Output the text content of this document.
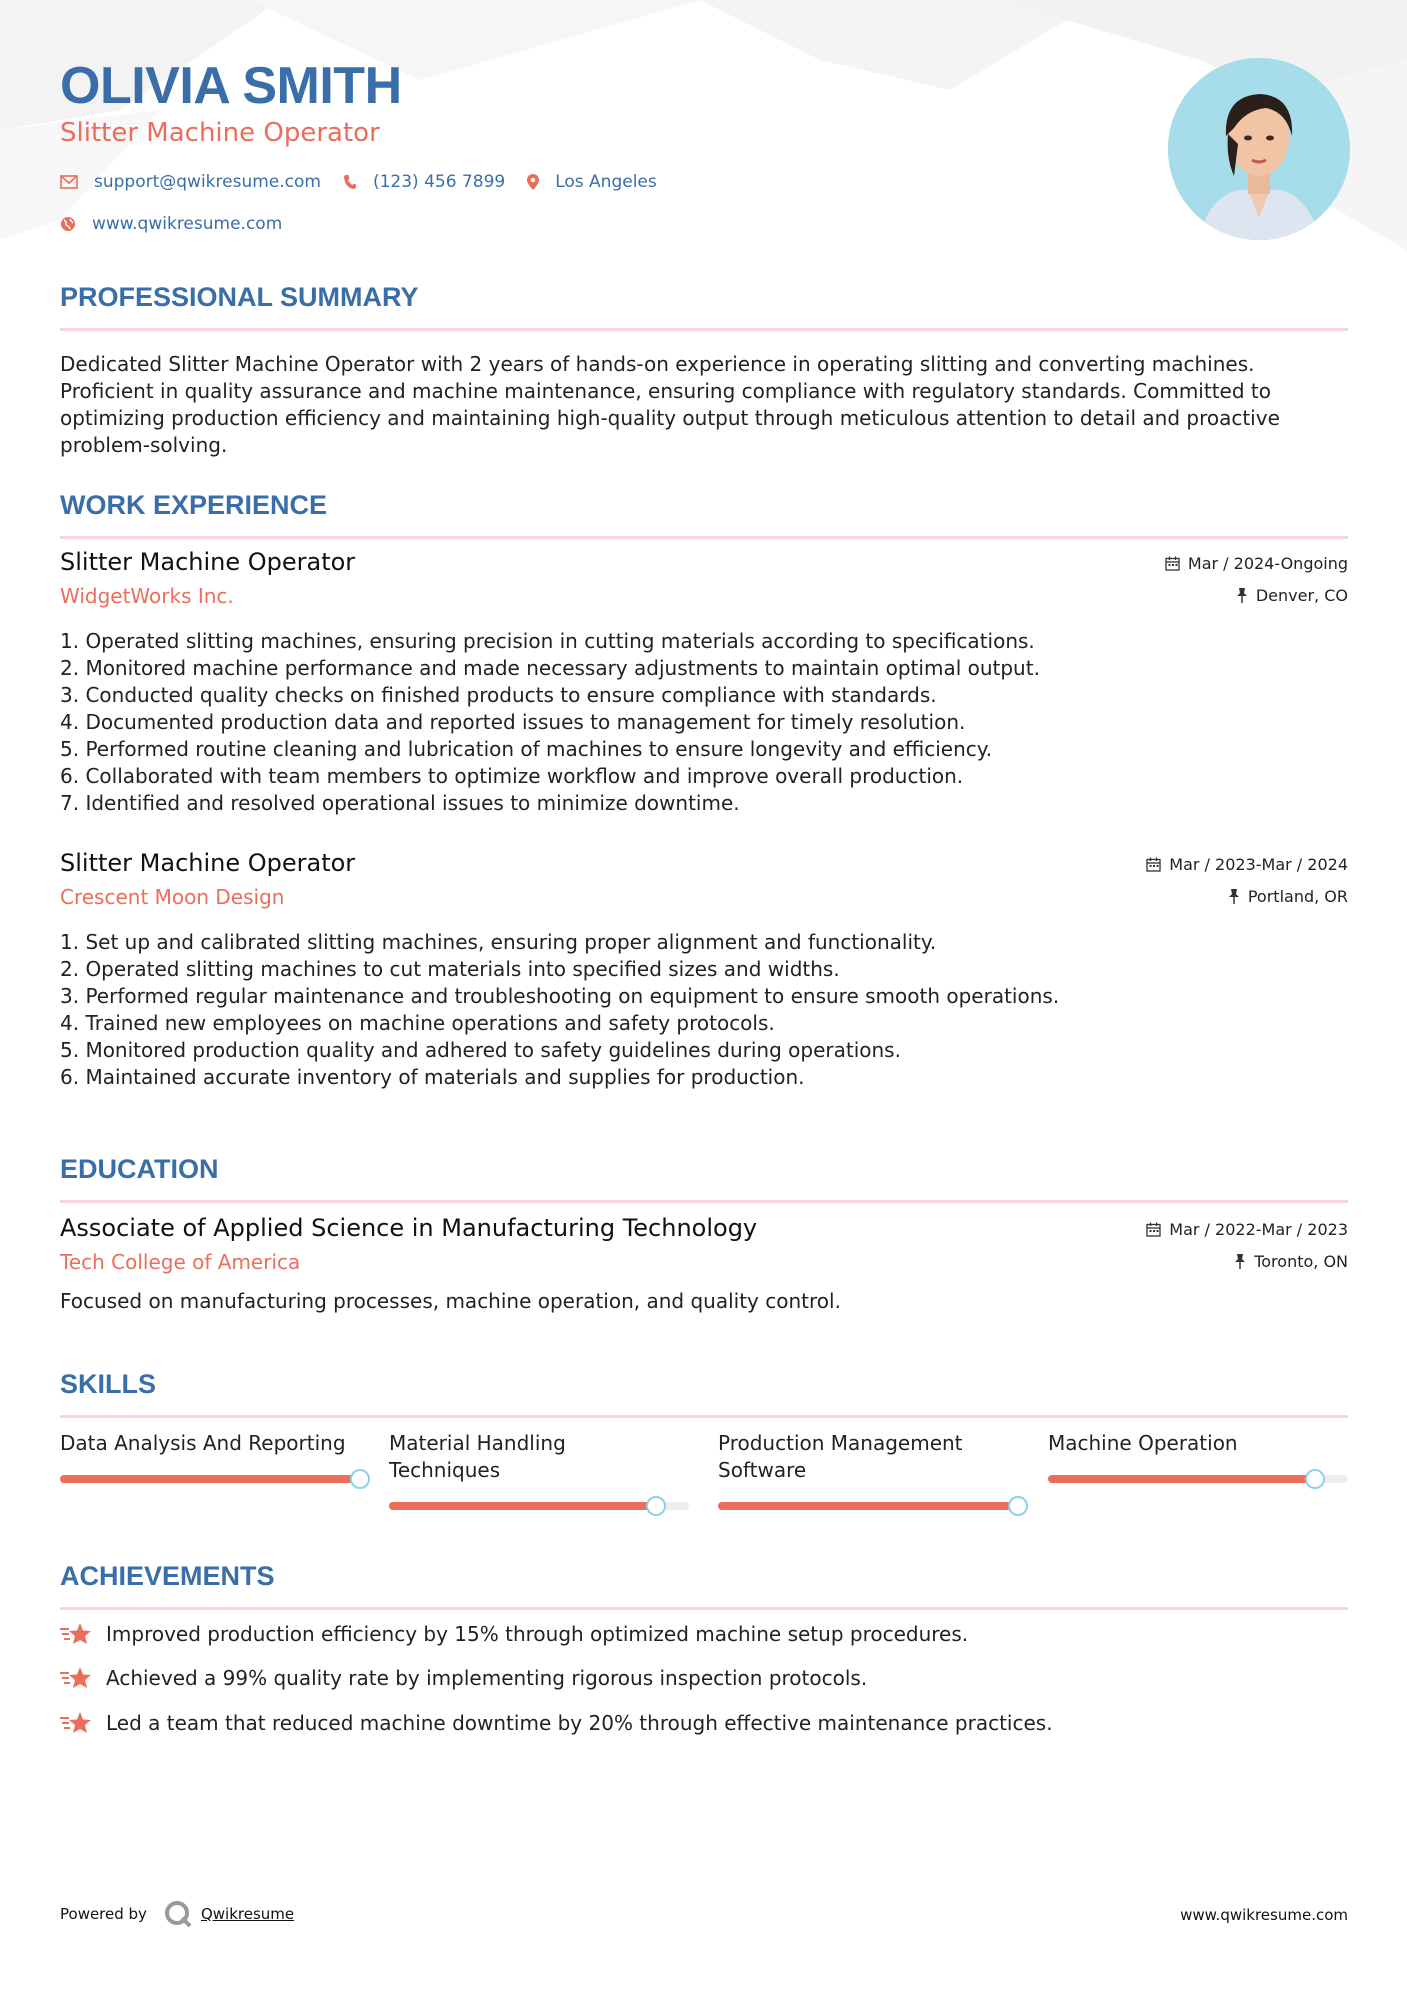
OLIVIA SMITH
Slitter Machine Operator
support@qwikresume.com	(123) 456 7899	Los Angeles
www.qwikresume.com
PROFESSIONAL SUMMARY
Dedicated Slitter Machine Operator with 2 years of hands-on experience in operating slitting and converting machines.
Proficient in quality assurance and machine maintenance, ensuring compliance with regulatory standards. Committed to
optimizing production efficiency and maintaining high-quality output through meticulous attention to detail and proactive
problem-solving.
WORK EXPERIENCE
Slitter Machine Operator
WidgetWorks Inc.
Mar / 2024-Ongoing
Denver, CO
1. Operated slitting machines, ensuring precision in cutting materials according to specifications.
2. Monitored machine performance and made necessary adjustments to maintain optimal output.
3. Conducted quality checks on finished products to ensure compliance with standards.
4. Documented production data and reported issues to management for timely resolution.
5. Performed routine cleaning and lubrication of machines to ensure longevity and efficiency.
6. Collaborated with team members to optimize workflow and improve overall production.
7. Identified and resolved operational issues to minimize downtime.
Slitter Machine Operator
Crescent Moon Design
Mar / 2023-Mar / 2024
Portland, OR
1. Set up and calibrated slitting machines, ensuring proper alignment and functionality.
2. Operated slitting machines to cut materials into specified sizes and widths.
3. Performed regular maintenance and troubleshooting on equipment to ensure smooth operations.
4. Trained new employees on machine operations and safety protocols.
5. Monitored production quality and adhered to safety guidelines during operations.
6. Maintained accurate inventory of materials and supplies for production.
EDUCATION
Associate of Applied Science in Manufacturing Technology
Tech College of America
Mar / 2022-Mar / 2023
Toronto, ON
Focused on manufacturing processes, machine operation, and quality control.
SKILLS
Data Analysis And Reporting	Material Handling
Techniques
Production Management
Software
Machine Operation
ACHIEVEMENTS
Improved production efficiency by 15% through optimized machine setup procedures.
Achieved a 99% quality rate by implementing rigorous inspection protocols.
Led a team that reduced machine downtime by 20% through effective maintenance practices.
Powered by	Qwikresume	www.qwikresume.com
